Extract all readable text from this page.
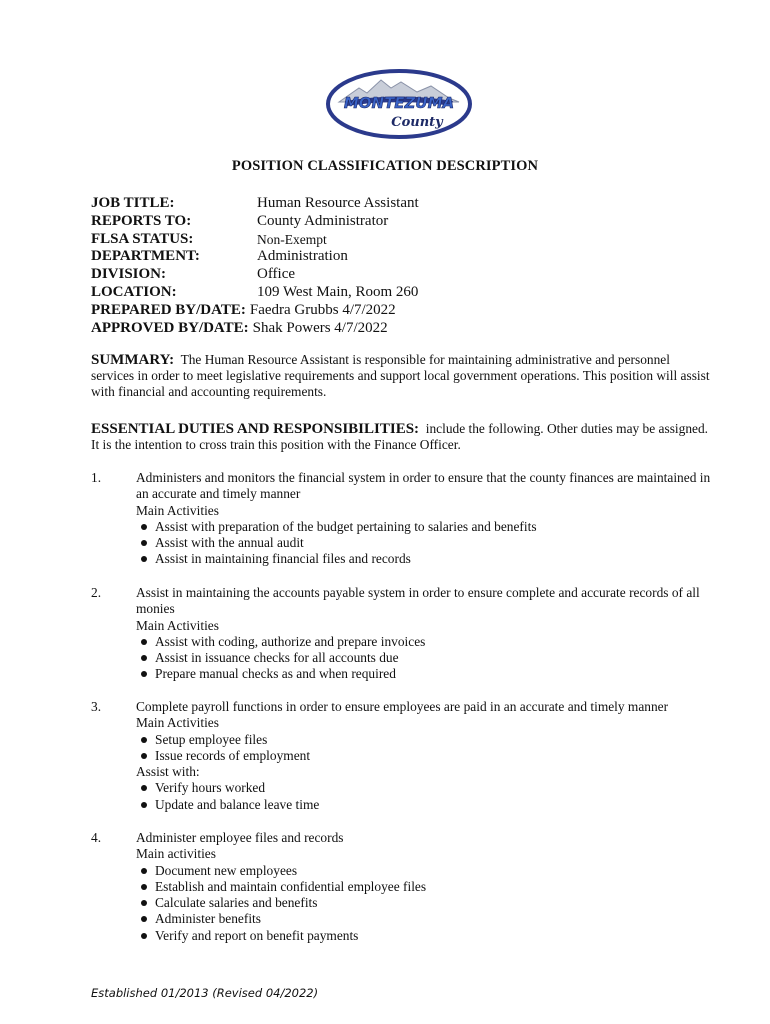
MONTEZUMA
County
POSITION CLASSIFICATION DESCRIPTION
JOB TITLE:	Human Resource Assistant
REPORTS TO:	County Administrator
FLSA STATUS:	Non-Exempt
DEPARTMENT:	Administration
DIVISION:	Office
LOCATION:	109 West Main, Room 260
PREPARED BY/DATE: Faedra Grubbs 4/7/2022
APPROVED BY/DATE: Shak Powers 4/7/2022
SUMMARY: The Human Resource Assistant is responsible for maintaining administrative and personnel services in order to meet legislative requirements and support local government operations. This position will assist with financial and accounting requirements.
ESSENTIAL DUTIES AND RESPONSIBILITIES: include the following. Other duties may be assigned. It is the intention to cross train this position with the Finance Officer.
1.	Administers and monitors the financial system in order to ensure that the county finances are maintained in an accurate and timely manner
Main Activities
Assist with preparation of the budget pertaining to salaries and benefits
Assist with the annual audit
Assist in maintaining financial files and records
2.	Assist in maintaining the accounts payable system in order to ensure complete and accurate records of all monies
Main Activities
Assist with coding, authorize and prepare invoices
Assist in issuance checks for all accounts due
Prepare manual checks as and when required
3.	Complete payroll functions in order to ensure employees are paid in an accurate and timely manner
Main Activities
Setup employee files
Issue records of employment
Assist with:
Verify hours worked
Update and balance leave time
4.	Administer employee files and records
Main activities
Document new employees
Establish and maintain confidential employee files
Calculate salaries and benefits
Administer benefits
Verify and report on benefit payments
Established 01/2013 (Revised 04/2022)
